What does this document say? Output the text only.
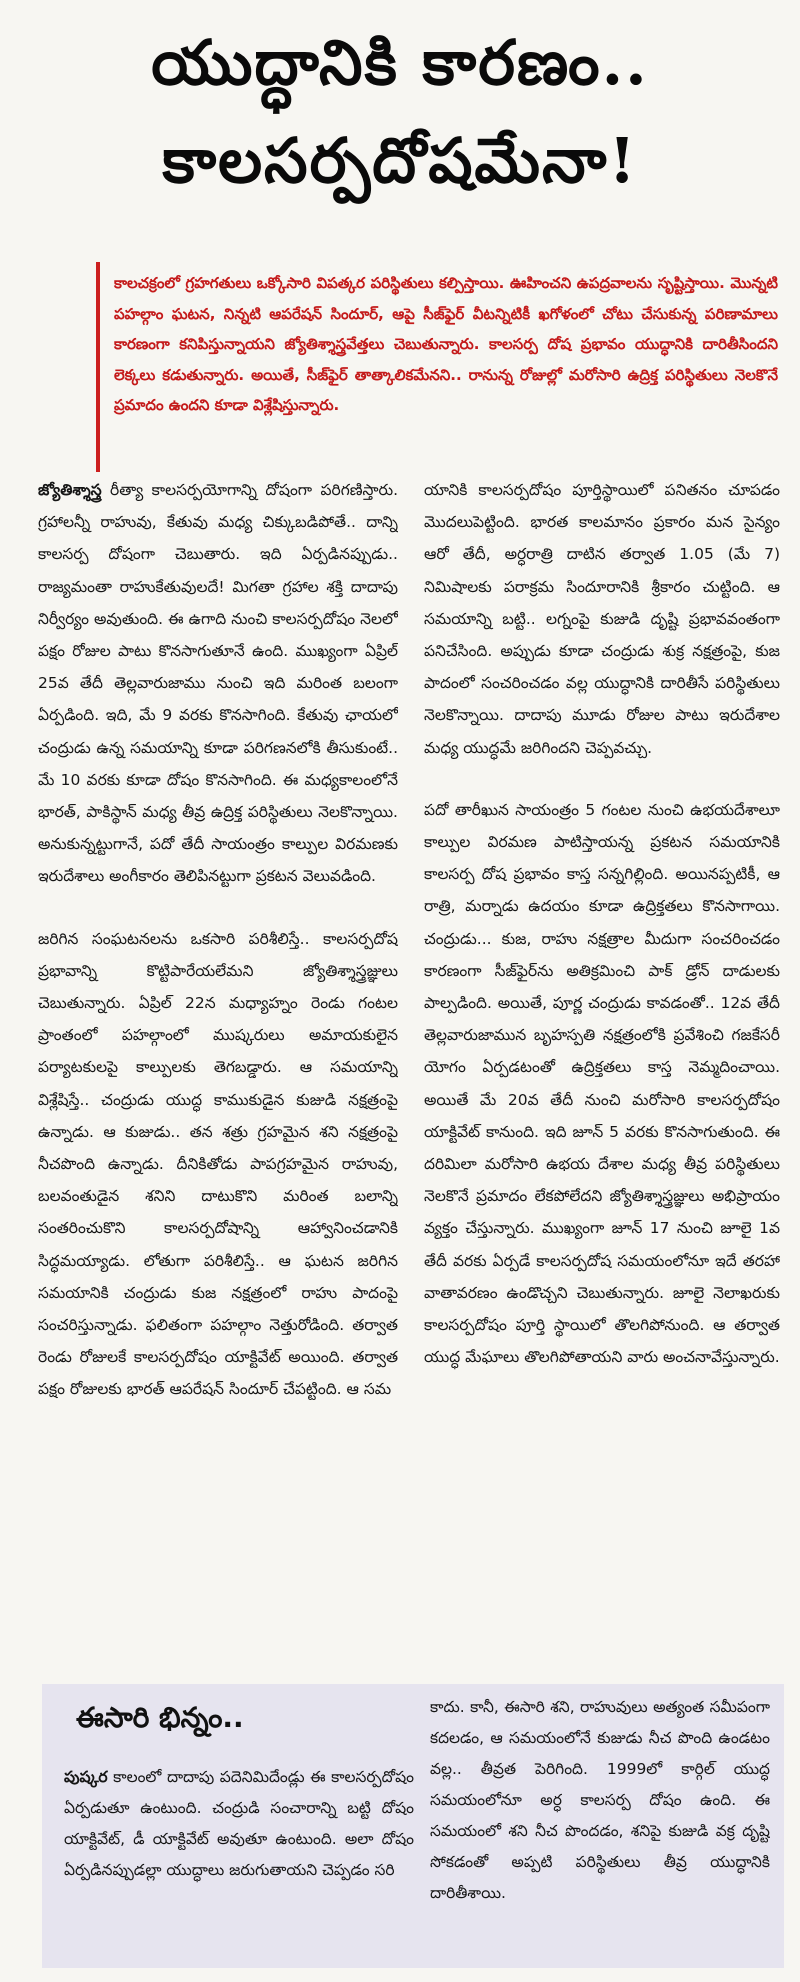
యుద్ధానికి కారణం..
కాలసర్పదోషమేనా!
కాలచక్రంలో గ్రహగతులు ఒక్కోసారి విపత్కర పరిస్థితులు కల్పిస్తాయి. ఊహించని ఉపద్రవాలను సృష్టిస్తాయి. మొన్నటి పహల్గాం ఘటన, నిన్నటి ఆపరేషన్ సిందూర్, ఆపై సీజ్‌ఫైర్ వీటన్నిటికీ ఖగోళంలో చోటు చేసుకున్న పరిణామాలు కారణంగా కనిపిస్తున్నాయని జ్యోతిశ్శాస్త్రవేత్తలు చెబుతున్నారు. కాలసర్ప దోష ప్రభావం యుద్ధానికి దారితీసిందని లెక్కలు కడుతున్నారు. అయితే, సీజ్‌ఫైర్ తాత్కాలికమేనని.. రానున్న రోజుల్లో మరోసారి ఉద్రిక్త పరిస్థితులు నెలకొనే ప్రమాదం ఉందని కూడా విశ్లేషిస్తున్నారు.

జ్యోతిశ్శాస్త్ర రీత్యా కాలసర్పయోగాన్ని దోషంగా పరిగణిస్తారు. గ్రహాలన్నీ రాహువు, కేతువు మధ్య చిక్కుబడిపోతే.. దాన్ని కాలసర్ప దోషంగా చెబుతారు. ఇది ఏర్పడినప్పుడు.. రాజ్యమంతా రాహుకేతువులదే! మిగతా గ్రహాల శక్తి దాదాపు నిర్వీర్యం అవుతుంది. ఈ ఉగాది నుంచి కాలసర్పదోషం నెలలో పక్షం రోజుల పాటు కొనసాగుతూనే ఉంది. ముఖ్యంగా ఏప్రిల్ 25వ తేదీ తెల్లవారుజాము నుంచి ఇది మరింత బలంగా ఏర్పడింది. ఇది, మే 9 వరకు కొనసాగింది. కేతువు ఛాయలో చంద్రుడు ఉన్న సమయాన్ని కూడా పరిగణనలోకి తీసుకుంటే.. మే 10 వరకు కూడా దోషం కొనసాగింది. ఈ మధ్యకాలంలోనే భారత్, పాకిస్థాన్ మధ్య తీవ్ర ఉద్రిక్త పరిస్థితులు నెలకొన్నాయి. అనుకున్నట్టుగానే, పదో తేదీ సాయంత్రం కాల్పుల విరమణకు ఇరుదేశాలు అంగీకారం తెలిపినట్టుగా ప్రకటన వెలువడింది.

జరిగిన సంఘటనలను ఒకసారి పరిశీలిస్తే.. కాలసర్పదోష ప్రభావాన్ని కొట్టిపారేయలేమని జ్యోతిశ్శాస్త్రజ్ఞులు చెబుతున్నారు. ఏప్రిల్ 22న మధ్యాహ్నం రెండు గంటల ప్రాంతంలో పహల్గాంలో ముష్కరులు అమాయకులైన పర్యాటకులపై కాల్పులకు తెగబడ్డారు. ఆ సమయాన్ని విశ్లేషిస్తే.. చంద్రుడు యుద్ధ కాముకుడైన కుజుడి నక్షత్రంపై ఉన్నాడు. ఆ కుజుడు.. తన శత్రు గ్రహమైన శని నక్షత్రంపై నీచపొంది ఉన్నాడు. దీనికితోడు పాపగ్రహమైన రాహువు, బలవంతుడైన శనిని దాటుకొని మరింత బలాన్ని సంతరించుకొని కాలసర్పదోషాన్ని ఆహ్వానించడానికి సిద్ధమయ్యాడు. లోతుగా పరిశీలిస్తే.. ఆ ఘటన జరిగిన సమయానికి చంద్రుడు కుజ నక్షత్రంలో రాహు పాదంపై సంచరిస్తున్నాడు. ఫలితంగా పహల్గాం నెత్తురోడింది. తర్వాత రెండు రోజులకే కాలసర్పదోషం యాక్టివేట్ అయింది. తర్వాత పక్షం రోజులకు భారత్ ఆపరేషన్ సిందూర్ చేపట్టింది. ఆ సమ

యానికి కాలసర్పదోషం పూర్తిస్థాయిలో పనితనం చూపడం మొదలుపెట్టింది. భారత కాలమానం ప్రకారం మన సైన్యం ఆరో తేదీ, అర్ధరాత్రి దాటిన తర్వాత 1.05 (మే 7) నిమిషాలకు పరాక్రమ సిందూరానికి శ్రీకారం చుట్టింది. ఆ సమయాన్ని బట్టి.. లగ్నంపై కుజుడి దృష్టి ప్రభావవంతంగా పనిచేసింది. అప్పుడు కూడా చంద్రుడు శుక్ర నక్షత్రంపై, కుజ పాదంలో సంచరించడం వల్ల యుద్ధానికి దారితీసే పరిస్థితులు నెలకొన్నాయి. దాదాపు మూడు రోజుల పాటు ఇరుదేశాల మధ్య యుద్ధమే జరిగిందని చెప్పవచ్చు.

పదో తారీఖున సాయంత్రం 5 గంటల నుంచి ఉభయదేశాలూ కాల్పుల విరమణ పాటిస్తాయన్న ప్రకటన సమయానికి కాలసర్ప దోష ప్రభావం కాస్త సన్నగిల్లింది. అయినప్పటికీ, ఆ రాత్రి, మర్నాడు ఉదయం కూడా ఉద్రిక్తతలు కొనసాగాయి. చంద్రుడు... కుజ, రాహు నక్షత్రాల మీదుగా సంచరించడం కారణంగా సీజ్‌ఫైర్‌ను అతిక్రమించి పాక్ డ్రోన్ దాడులకు పాల్పడింది. అయితే, పూర్ణ చంద్రుడు కావడంతో.. 12వ తేదీ తెల్లవారుజామున బృహస్పతి నక్షత్రంలోకి ప్రవేశించి గజకేసరీ యోగం ఏర్పడటంతో ఉద్రిక్తతలు కాస్త నెమ్మదించాయి. అయితే మే 20వ తేదీ నుంచి మరోసారి కాలసర్పదోషం యాక్టివేట్ కానుంది. ఇది జూన్ 5 వరకు కొనసాగుతుంది. ఈ దరిమిలా మరోసారి ఉభయ దేశాల మధ్య తీవ్ర పరిస్థితులు నెలకొనే ప్రమాదం లేకపోలేదని జ్యోతిశ్శాస్త్రజ్ఞులు అభిప్రాయం వ్యక్తం చేస్తున్నారు. ముఖ్యంగా జూన్ 17 నుంచి జూలై 1వ తేదీ వరకు ఏర్పడే కాలసర్పదోష సమయంలోనూ ఇదే తరహా వాతావరణం ఉండొచ్చని చెబుతున్నారు. జూలై నెలాఖరుకు కాలసర్పదోషం పూర్తి స్థాయిలో తొలగిపోనుంది. ఆ తర్వాత యుద్ధ మేఘాలు తొలగిపోతాయని వారు అంచనావేస్తున్నారు.

ఈసారి భిన్నం..
పుష్కర కాలంలో దాదాపు పదెనిమిదేండ్లు ఈ కాలసర్పదోషం ఏర్పడుతూ ఉంటుంది. చంద్రుడి సంచారాన్ని బట్టి దోషం యాక్టివేట్, డీ యాక్టివేట్ అవుతూ ఉంటుంది. అలా దోషం ఏర్పడినప్పుడల్లా యుద్ధాలు జరుగుతాయని చెప్పడం సరి
కాదు. కానీ, ఈసారి శని, రాహువులు అత్యంత సమీపంగా కదలడం, ఆ సమయంలోనే కుజుడు నీచ పొంది ఉండటం వల్ల.. తీవ్రత పెరిగింది. 1999లో కార్గిల్ యుద్ధ సమయంలోనూ అర్ధ కాలసర్ప దోషం ఉంది. ఈ సమయంలో శని నీచ పొందడం, శనిపై కుజుడి వక్ర దృష్టి సోకడంతో అప్పటి పరిస్థితులు తీవ్ర యుద్ధానికి దారితీశాయి.
